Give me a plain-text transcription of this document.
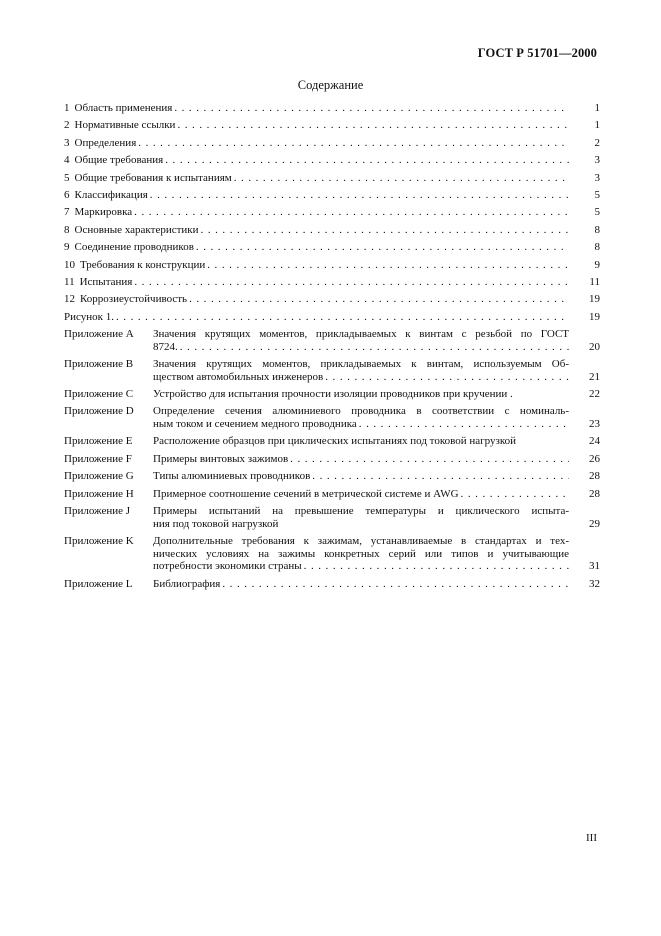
ГОСТ Р 51701—2000
Содержание
1 Область применения . . .	1
2 Нормативные ссылки . . .	1
3 Определения . . .	2
4 Общие требования . . .	3
5 Общие требования к испытаниям . . .	3
6 Классификация . . .	5
7 Маркировка . . .	5
8 Основные характеристики . . .	8
9 Соединение проводников . . .	8
10 Требования к конструкции . . .	9
11 Испытания . . .	11
12 Коррозиеустойчивость . . .	19
Рисунок 1. . . .	19
Приложение A	Значения крутящих моментов, прикладываемых к винтам с резьбой по ГОСТ
8724. . . .	20
Приложение B	Значения крутящих моментов, прикладываемых к винтам, используемым Об-
ществом автомобильных инженеров . . .	21
Приложение C	Устройство для испытания прочности изоляции проводников при кручении .	22
Приложение D	Определение сечения алюминиевого проводника в соответствии с номиналь-
ным током и сечением медного проводника . . .	23
Приложение E	Расположение образцов при циклических испытаниях под токовой нагрузкой	24
Приложение F	Примеры винтовых зажимов . . .	26
Приложение G	Типы алюминиевых проводников . . .	28
Приложение H	Примерное соотношение сечений в метрической системе и AWG . . .	28
Приложение J	Примеры испытаний на превышение температуры и циклического испыта-
ния под токовой нагрузкой	29
Приложение K	Дополнительные требования к зажимам, устанавливаемые в стандартах и тех-
нических условиях на зажимы конкретных серий или типов и учитывающие
потребности экономики страны . . .	31
Приложение L	Библиография . . .	32
III
